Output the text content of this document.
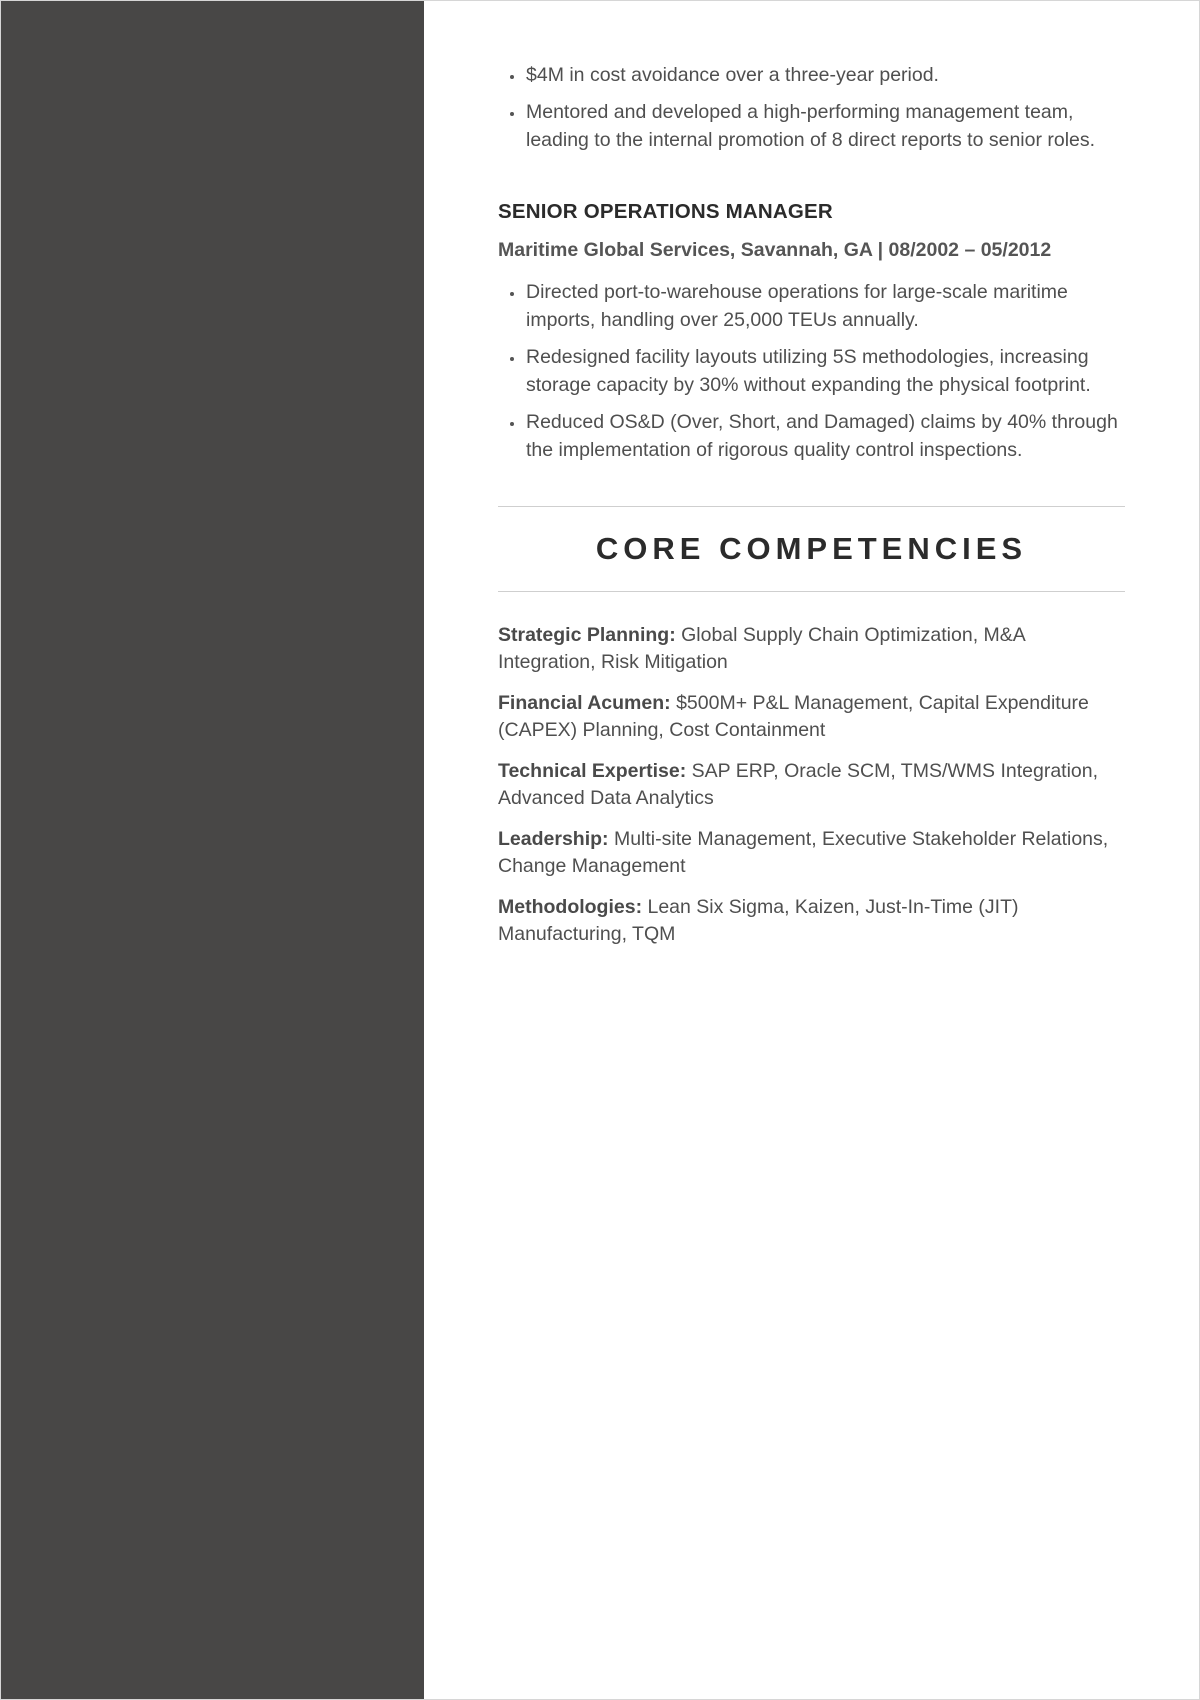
• $4M in cost avoidance over a three-year period.
• Mentored and developed a high-performing management team, leading to the internal promotion of 8 direct reports to senior roles.
SENIOR OPERATIONS MANAGER
Maritime Global Services, Savannah, GA | 08/2002 – 05/2012
• Directed port-to-warehouse operations for large-scale maritime imports, handling over 25,000 TEUs annually.
• Redesigned facility layouts utilizing 5S methodologies, increasing storage capacity by 30% without expanding the physical footprint.
• Reduced OS&D (Over, Short, and Damaged) claims by 40% through the implementation of rigorous quality control inspections.
CORE COMPETENCIES

Strategic Planning: Global Supply Chain Optimization, M&A Integration, Risk Mitigation

Financial Acumen: $500M+ P&L Management, Capital Expenditure (CAPEX) Planning, Cost Containment

Technical Expertise: SAP ERP, Oracle SCM, TMS/WMS Integration, Advanced Data Analytics

Leadership: Multi-site Management, Executive Stakeholder Relations, Change Management

Methodologies: Lean Six Sigma, Kaizen, Just-In-Time (JIT) Manufacturing, TQM
